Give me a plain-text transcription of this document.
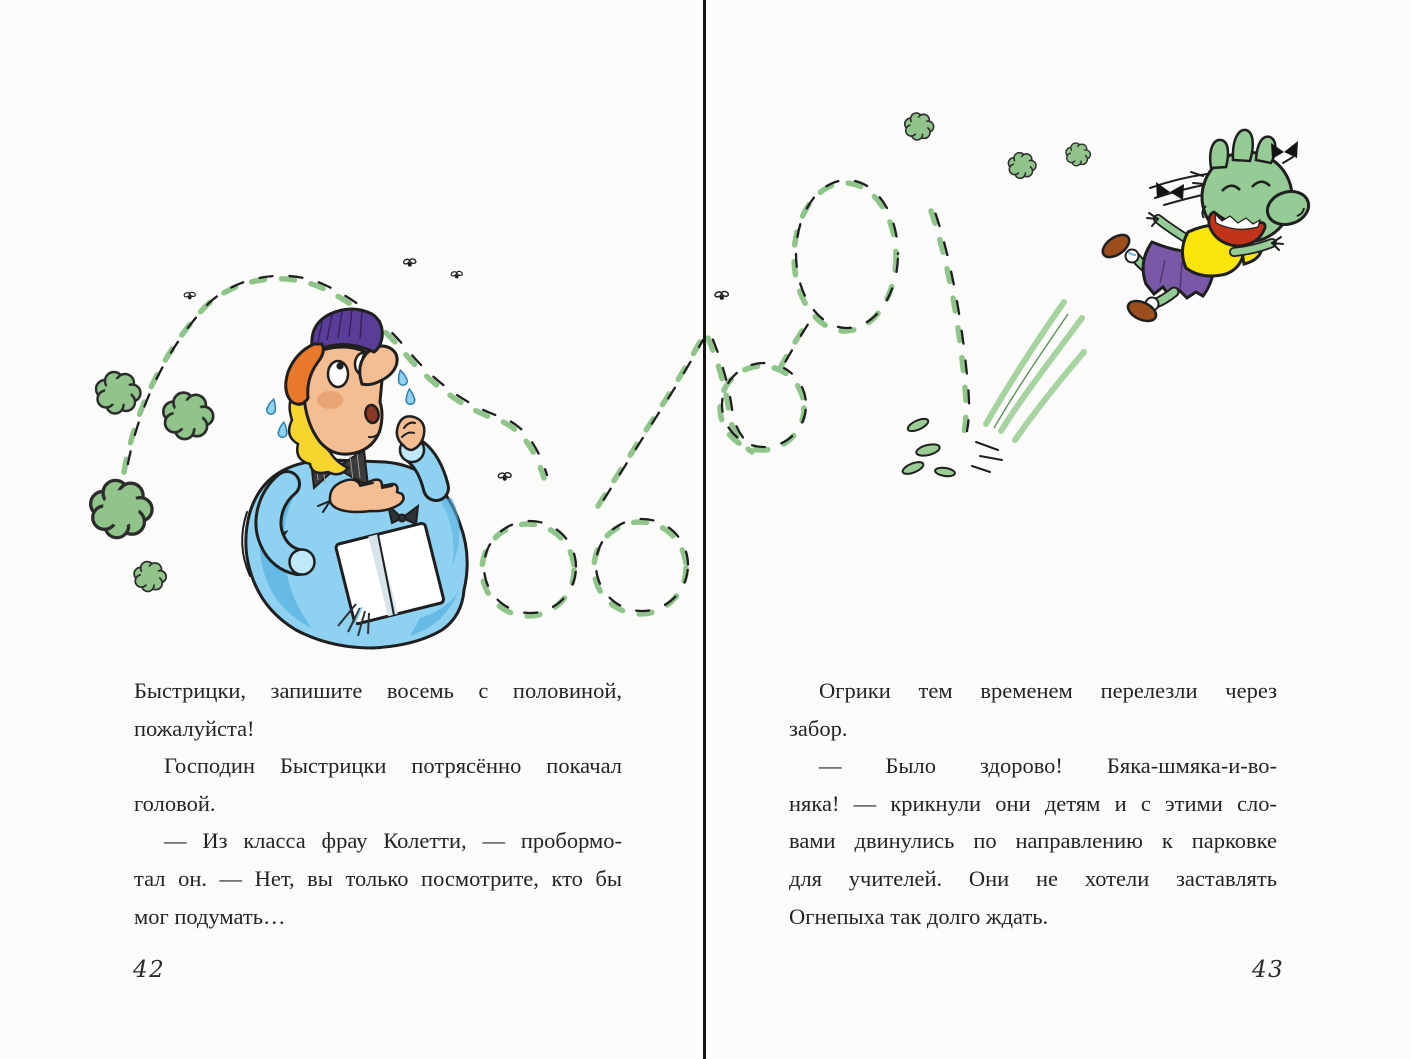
Быстрицки, запишите восемь с половиной,
пожалуйста!
Господин Быстрицки потрясённо покачал
головой.
— Из класса фрау Колетти, — пробормо-
тал он. — Нет, вы только посмотрите, кто бы
мог подумать…
Огрики тем временем перелезли через
забор.
— Было здорово! Бяка-шмяка-и-во-
няка! — крикнули они детям и с этими сло-
вами двинулись по направлению к парковке
для учителей. Они не хотели заставлять
Огнепыха так долго ждать.
42	43
